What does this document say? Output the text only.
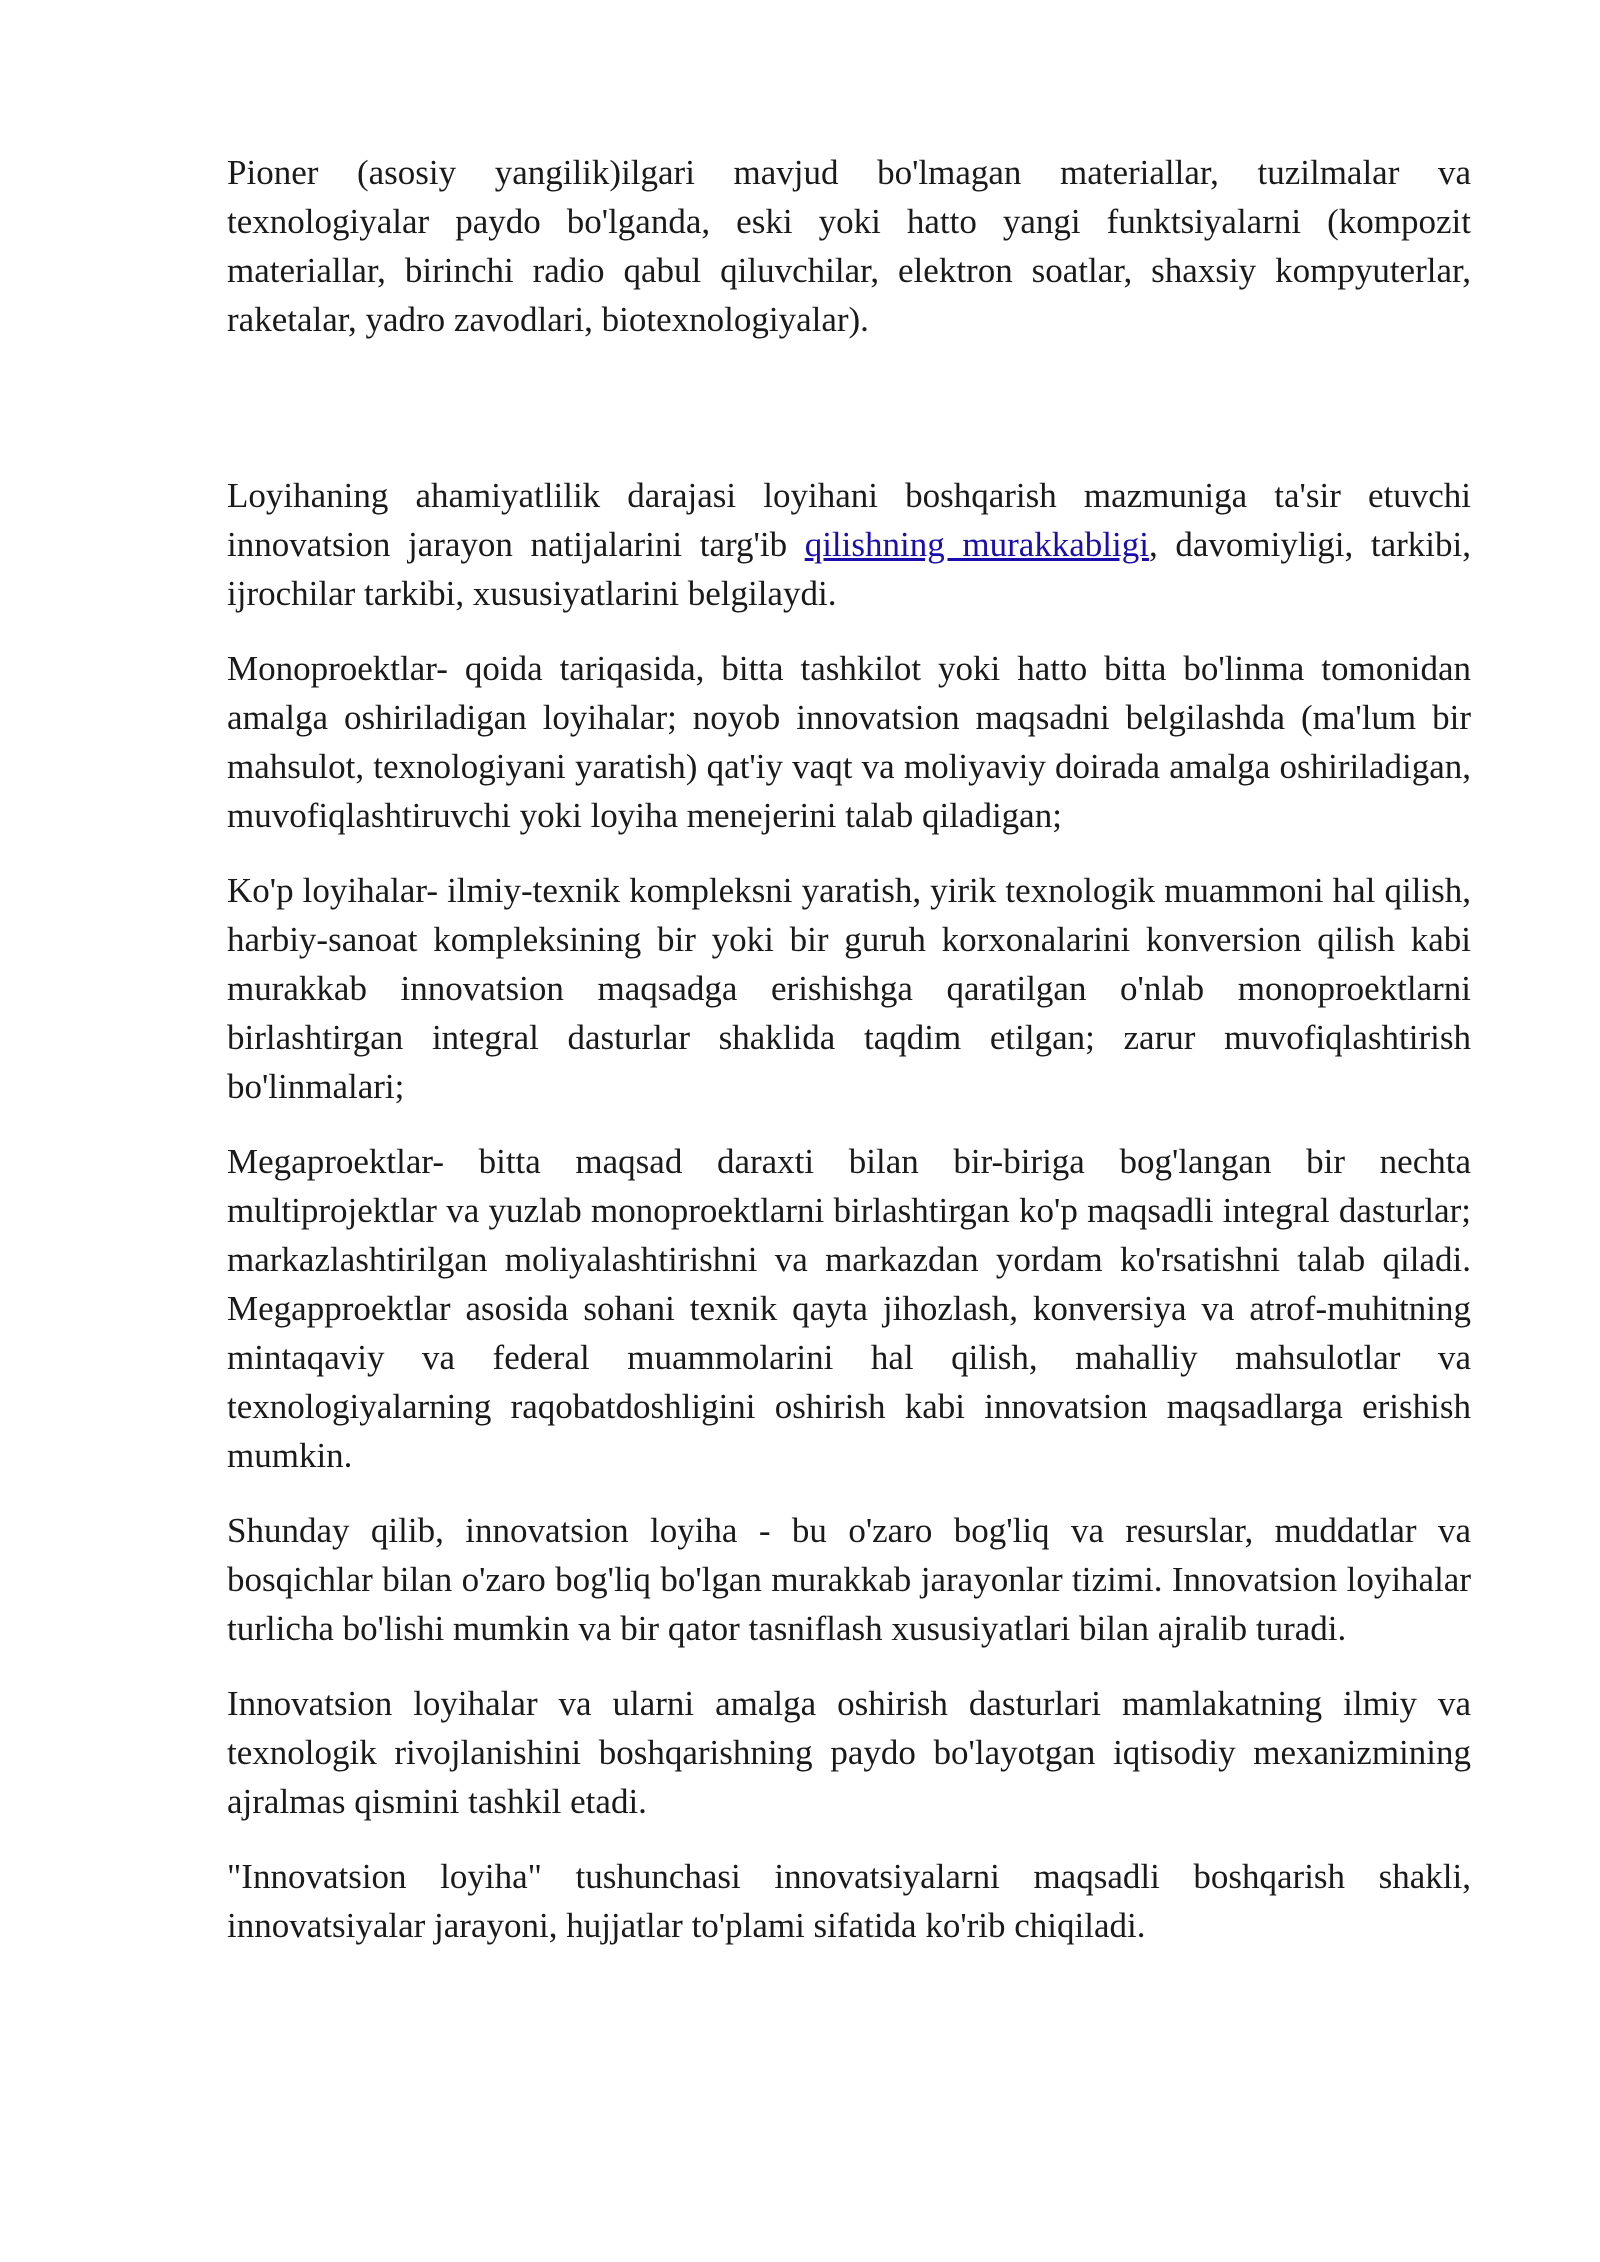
Pioner (asosiy yangilik)ilgari mavjud bo'lmagan materiallar, tuzilmalar va texnologiyalar paydo bo'lganda, eski yoki hatto yangi funktsiyalarni (kompozit materiallar, birinchi radio qabul qiluvchilar, elektron soatlar, shaxsiy kompyuterlar, raketalar, yadro zavodlari, biotexnologiyalar).

Loyihaning ahamiyatlilik darajasi loyihani boshqarish mazmuniga ta'sir etuvchi innovatsion jarayon natijalarini targ'ib qilishning murakkabligi, davomiyligi, tarkibi, ijrochilar tarkibi, xususiyatlarini belgilaydi.

Monoproektlar- qoida tariqasida, bitta tashkilot yoki hatto bitta bo'linma tomonidan amalga oshiriladigan loyihalar; noyob innovatsion maqsadni belgilashda (ma'lum bir mahsulot, texnologiyani yaratish) qat'iy vaqt va moliyaviy doirada amalga oshiriladigan, muvofiqlashtiruvchi yoki loyiha menejerini talab qiladigan;

Ko'p loyihalar- ilmiy-texnik kompleksni yaratish, yirik texnologik muammoni hal qilish, harbiy-sanoat kompleksining bir yoki bir guruh korxonalarini konversion qilish kabi murakkab innovatsion maqsadga erishishga qaratilgan o'nlab monoproektlarni birlashtirgan integral dasturlar shaklida taqdim etilgan; zarur muvofiqlashtirish bo'linmalari;

Megaproektlar- bitta maqsad daraxti bilan bir-biriga bog'langan bir nechta multiprojektlar va yuzlab monoproektlarni birlashtirgan ko'p maqsadli integral dasturlar; markazlashtirilgan moliyalashtirishni va markazdan yordam ko'rsatishni talab qiladi. Megapproektlar asosida sohani texnik qayta jihozlash, konversiya va atrof-muhitning mintaqaviy va federal muammolarini hal qilish, mahalliy mahsulotlar va texnologiyalarning raqobatdoshligini oshirish kabi innovatsion maqsadlarga erishish mumkin.

Shunday qilib, innovatsion loyiha - bu o'zaro bog'liq va resurslar, muddatlar va bosqichlar bilan o'zaro bog'liq bo'lgan murakkab jarayonlar tizimi. Innovatsion loyihalar turlicha bo'lishi mumkin va bir qator tasniflash xususiyatlari bilan ajralib turadi.

Innovatsion loyihalar va ularni amalga oshirish dasturlari mamlakatning ilmiy va texnologik rivojlanishini boshqarishning paydo bo'layotgan iqtisodiy mexanizmining ajralmas qismini tashkil etadi.

"Innovatsion loyiha" tushunchasi innovatsiyalarni maqsadli boshqarish shakli, innovatsiyalar jarayoni, hujjatlar to'plami sifatida ko'rib chiqiladi.
